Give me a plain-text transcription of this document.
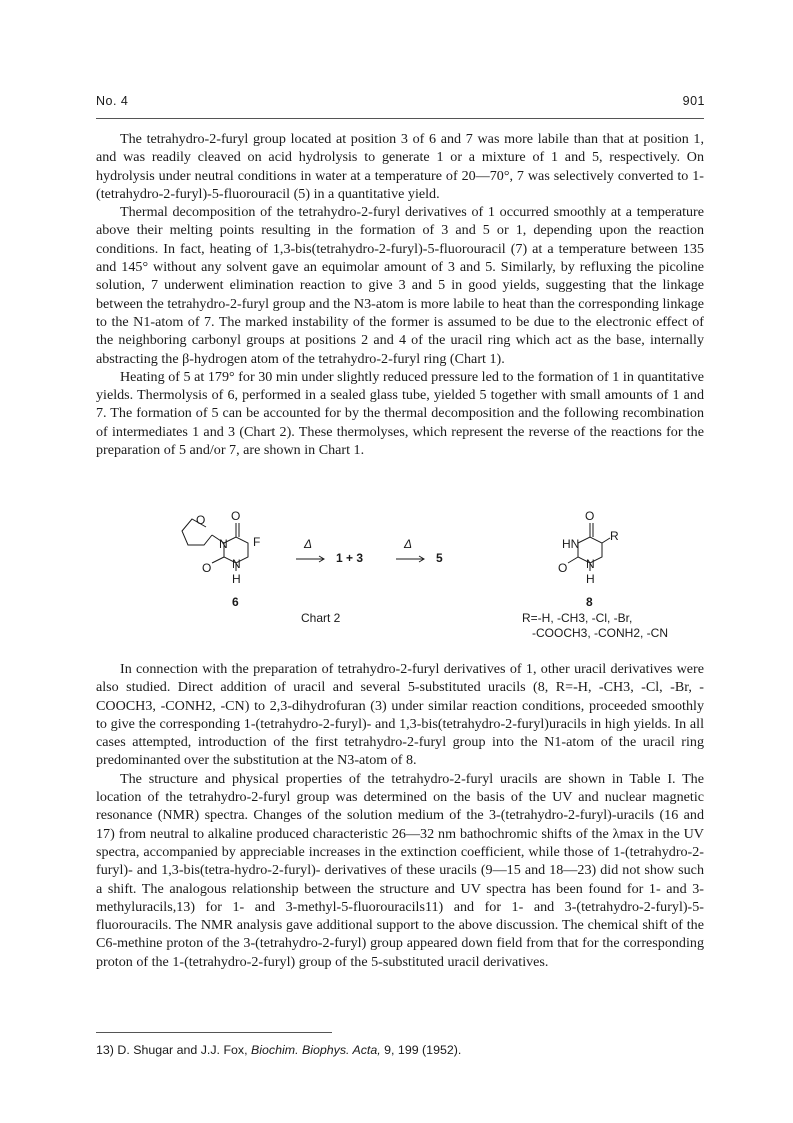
No. 4	901

The tetrahydro-2-furyl group located at position 3 of 6 and 7 was more labile than that at position 1, and was readily cleaved on acid hydrolysis to generate 1 or a mixture of 1 and 5, respectively. On hydrolysis under neutral conditions in water at a temperature of 20—70°, 7 was selectively converted to 1-(tetrahydro-2-furyl)-5-fluorouracil (5) in a quantitative yield.

Thermal decomposition of the tetrahydro-2-furyl derivatives of 1 occurred smoothly at a temperature above their melting points resulting in the formation of 3 and 5 or 1, depending upon the reaction conditions. In fact, heating of 1,3-bis(tetrahydro-2-furyl)-5-fluorouracil (7) at a temperature between 135 and 145° without any solvent gave an equimolar amount of 3 and 5. Similarly, by refluxing the picoline solution, 7 underwent elimination reaction to give 3 and 5 in good yields, suggesting that the linkage between the tetrahydro-2-furyl group and the N3-atom is more labile to heat than the corresponding linkage to the N1-atom of 7. The marked instability of the former is assumed to be due to the electronic effect of the neighboring carbonyl groups at positions 2 and 4 of the uracil ring which act as the base, internally abstracting the β-hydrogen atom of the tetrahydro-2-furyl ring (Chart 1).

Heating of 5 at 179° for 30 min under slightly reduced pressure led to the formation of 1 in quantitative yields. Thermolysis of 6, performed in a sealed glass tube, yielded 5 together with small amounts of 1 and 7. The formation of 5 can be accounted for by the thermal decomposition and the following recombination of intermediates 1 and 3 (Chart 2). These thermolyses, which represent the reverse of the reactions for the preparation of 5 and/or 7, are shown in Chart 1.

O O
N F
O N
H
6
Δ
1 + 3
Δ
5
Chart 2
O
HN
R
O N
H
8
R=-H, -CH3, -Cl, -Br,
-COOCH3, -CONH2, -CN

In connection with the preparation of tetrahydro-2-furyl derivatives of 1, other uracil derivatives were also studied. Direct addition of uracil and several 5-substituted uracils (8, R=-H, -CH3, -Cl, -Br, -COOCH3, -CONH2, -CN) to 2,3-dihydrofuran (3) under similar reaction conditions, proceeded smoothly to give the corresponding 1-(tetrahydro-2-furyl)- and 1,3-bis(tetrahydro-2-furyl)uracils in high yields. In all cases attempted, introduction of the first tetrahydro-2-furyl group into the N1-atom of the uracil ring predominanted over the substitution at the N3-atom of 8.

The structure and physical properties of the tetrahydro-2-furyl uracils are shown in Table I. The location of the tetrahydro-2-furyl group was determined on the basis of the UV and nuclear magnetic resonance (NMR) spectra. Changes of the solution medium of the 3-(tetrahydro-2-furyl)-uracils (16 and 17) from neutral to alkaline produced characteristic 26—32 nm bathochromic shifts of the λmax in the UV spectra, accompanied by appreciable increases in the extinction coefficient, while those of 1-(tetrahydro-2-furyl)- and 1,3-bis(tetra-hydro-2-furyl)- derivatives of these uracils (9—15 and 18—23) did not show such a shift. The analogous relationship between the structure and UV spectra has been found for 1- and 3-methyluracils,13) for 1- and 3-methyl-5-fluorouracils11) and for 1- and 3-(tetrahydro-2-furyl)-5-fluorouracils. The NMR analysis gave additional support to the above discussion. The chemical shift of the C6-methine proton of the 3-(tetrahydro-2-furyl) group appeared down field from that for the corresponding proton of the 1-(tetrahydro-2-furyl) group of the 5-substituted uracil derivatives.

13) D. Shugar and J.J. Fox, Biochim. Biophys. Acta, 9, 199 (1952).
